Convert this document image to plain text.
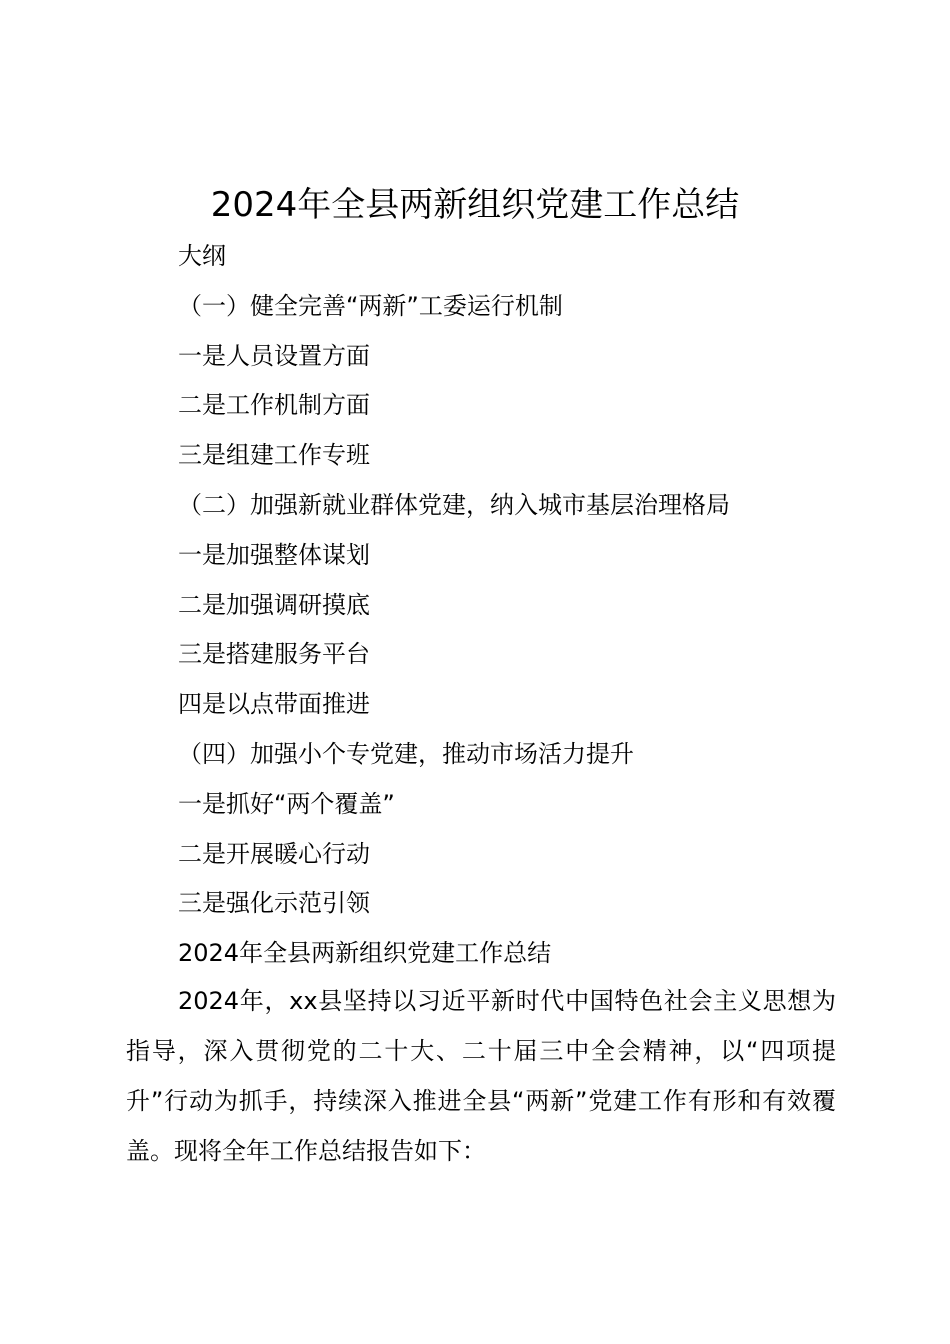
2024年全县两新组织党建工作总结
大纲
（一）健全完善“两新”工委运行机制
一是人员设置方面
二是工作机制方面
三是组建工作专班
（二）加强新就业群体党建，纳入城市基层治理格局
一是加强整体谋划
二是加强调研摸底
三是搭建服务平台
四是以点带面推进
（四）加强小个专党建，推动市场活力提升
一是抓好“两个覆盖”
二是开展暖心行动
三是强化示范引领
2024年全县两新组织党建工作总结

2024年，xx县坚持以习近平新时代中国特色社会主义思想为指导，深入贯彻党的二十大、二十届三中全会精神，以“四项提升”行动为抓手，持续深入推进全县“两新”党建工作有形和有效覆盖。现将全年工作总结报告如下：
